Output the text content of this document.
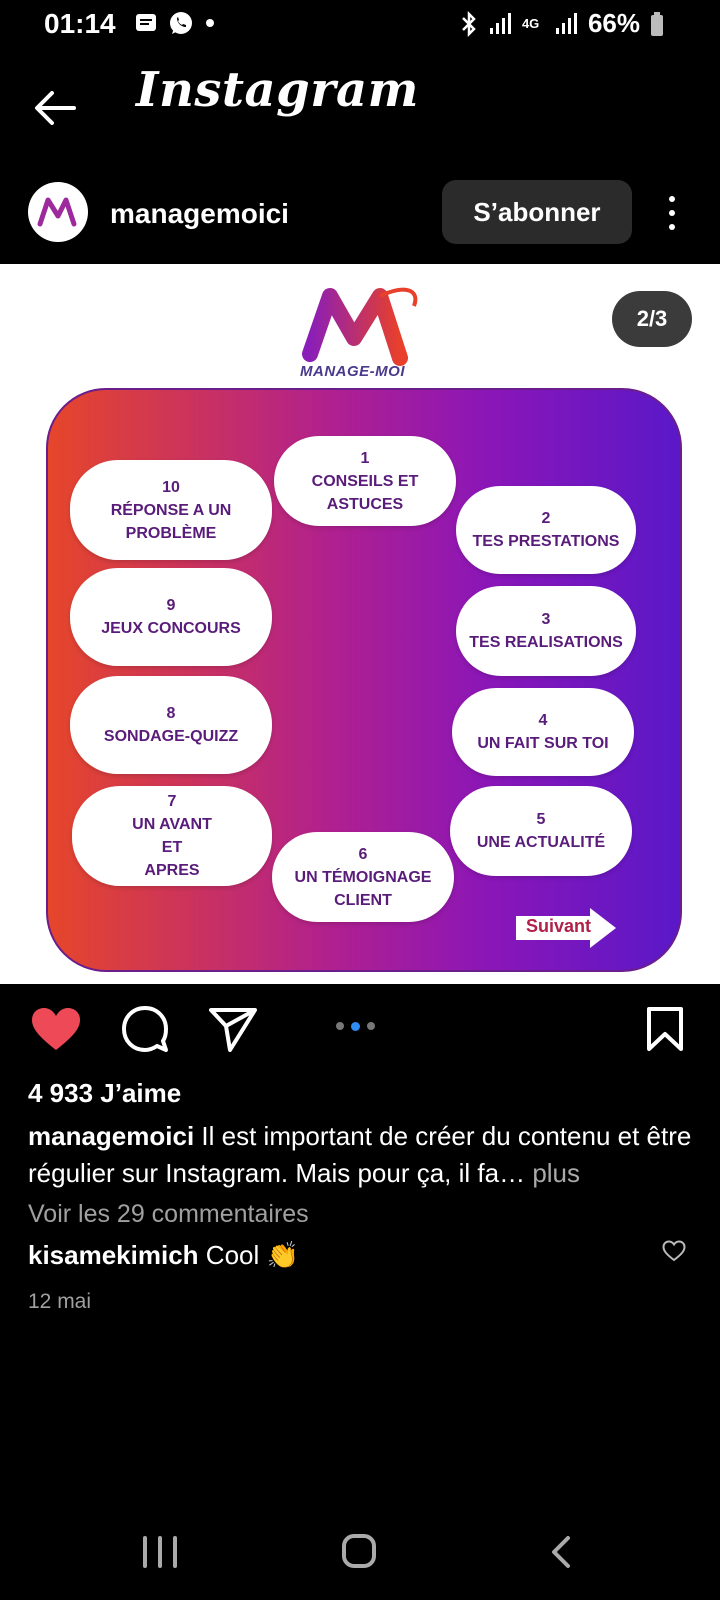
01:14	4G 66%
Instagram
managemoici	S’abonner
2/3
MANAGE-MOI
1
CONSEILS ET
ASTUCES
2
TES PRESTATIONS
3
TES REALISATIONS
4
UN FAIT SUR TOI
5
UNE ACTUALITÉ
6
UN TÉMOIGNAGE
CLIENT
7
UN AVANT
ET
APRES
8
SONDAGE-QUIZZ
9
JEUX CONCOURS
10
RÉPONSE A UN
PROBLÈME
Suivant
4 933 J’aime
managemoici Il est important de créer du contenu et être régulier sur Instagram. Mais pour ça, il fa… plus
Voir les 29 commentaires
kisamekimich Cool 👏
12 mai
